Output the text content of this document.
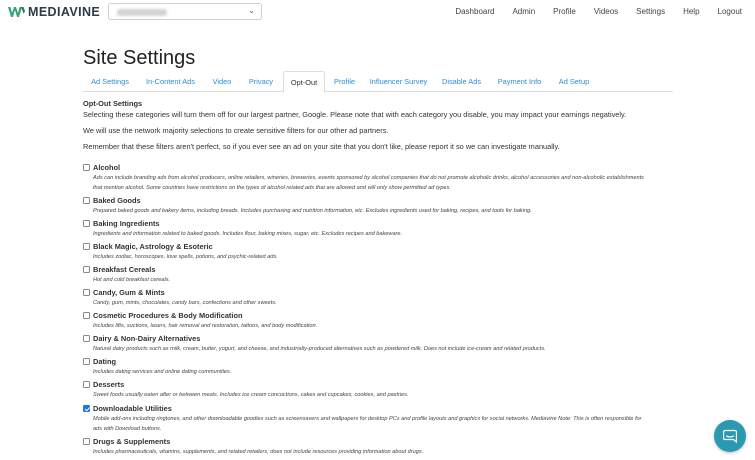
MEDIAVINE	⌄	Dashboard Admin Profile Videos Settings Help Logout
Site Settings
Ad Settings	In-Content Ads	Video	Privacy	Opt-Out	Profile	Influencer Survey	Disable Ads	Payment Info	Ad Setup
Opt-Out Settings
Selecting these categories will turn them off for our largest partner, Google. Please note that with each category you disable, you may impact your earnings negatively.
We will use the network majority selections to create sensitive filters for our other ad partners.
Remember that these filters aren't perfect, so if you ever see an ad on your site that you don't like, please report it so we can investigate manually.
Alcohol
Ads can include branding ads from alcohol producers, online retailers, wineries, breweries, events sponsored by alcohol companies that do not promote alcoholic drinks, alcohol accessories and non-alcoholic establishments that mention alcohol. Some countries have restrictions on the types of alcohol related ads that are allowed and will only show permitted ad types.
Baked Goods
Prepared baked goods and bakery items, including breads. Includes purchasing and nutrition information, etc. Excludes ingredients used for baking, recipes, and tools for baking.
Baking Ingredients
Ingredients and information related to baked goods. Includes flour, baking mixes, sugar, etc. Excludes recipes and bakeware.
Black Magic, Astrology & Esoteric
Includes zodiac, horoscopes, love spells, potions, and psychic-related ads.
Breakfast Cereals
Hot and cold breakfast cereals.
Candy, Gum & Mints
Candy, gum, mints, chocolates, candy bars, confections and other sweets.
Cosmetic Procedures & Body Modification
Includes lifts, suctions, lasers, hair removal and restoration, tattoos, and body modification.
Dairy & Non-Dairy Alternatives
Natural dairy products such as milk, cream, butter, yogurt, and cheese, and industrially-produced alternatives such as powdered milk. Does not include ice-cream and related products.
Dating
Includes dating services and online dating communities.
Desserts
Sweet foods usually eaten after or between meals. Includes ice cream concoctions, cakes and cupcakes, cookies, and pastries.
Downloadable Utilities
Mobile add-ons including ringtones, and other downloadable goodies such as screensavers and wallpapers for desktop PCs and profile layouts and graphics for social networks. Mediavine Note: This is often responsible for ads with Download buttons.
Drugs & Supplements
Includes pharmaceuticals, vitamins, supplements, and related retailers; does not include resources providing information about drugs.
